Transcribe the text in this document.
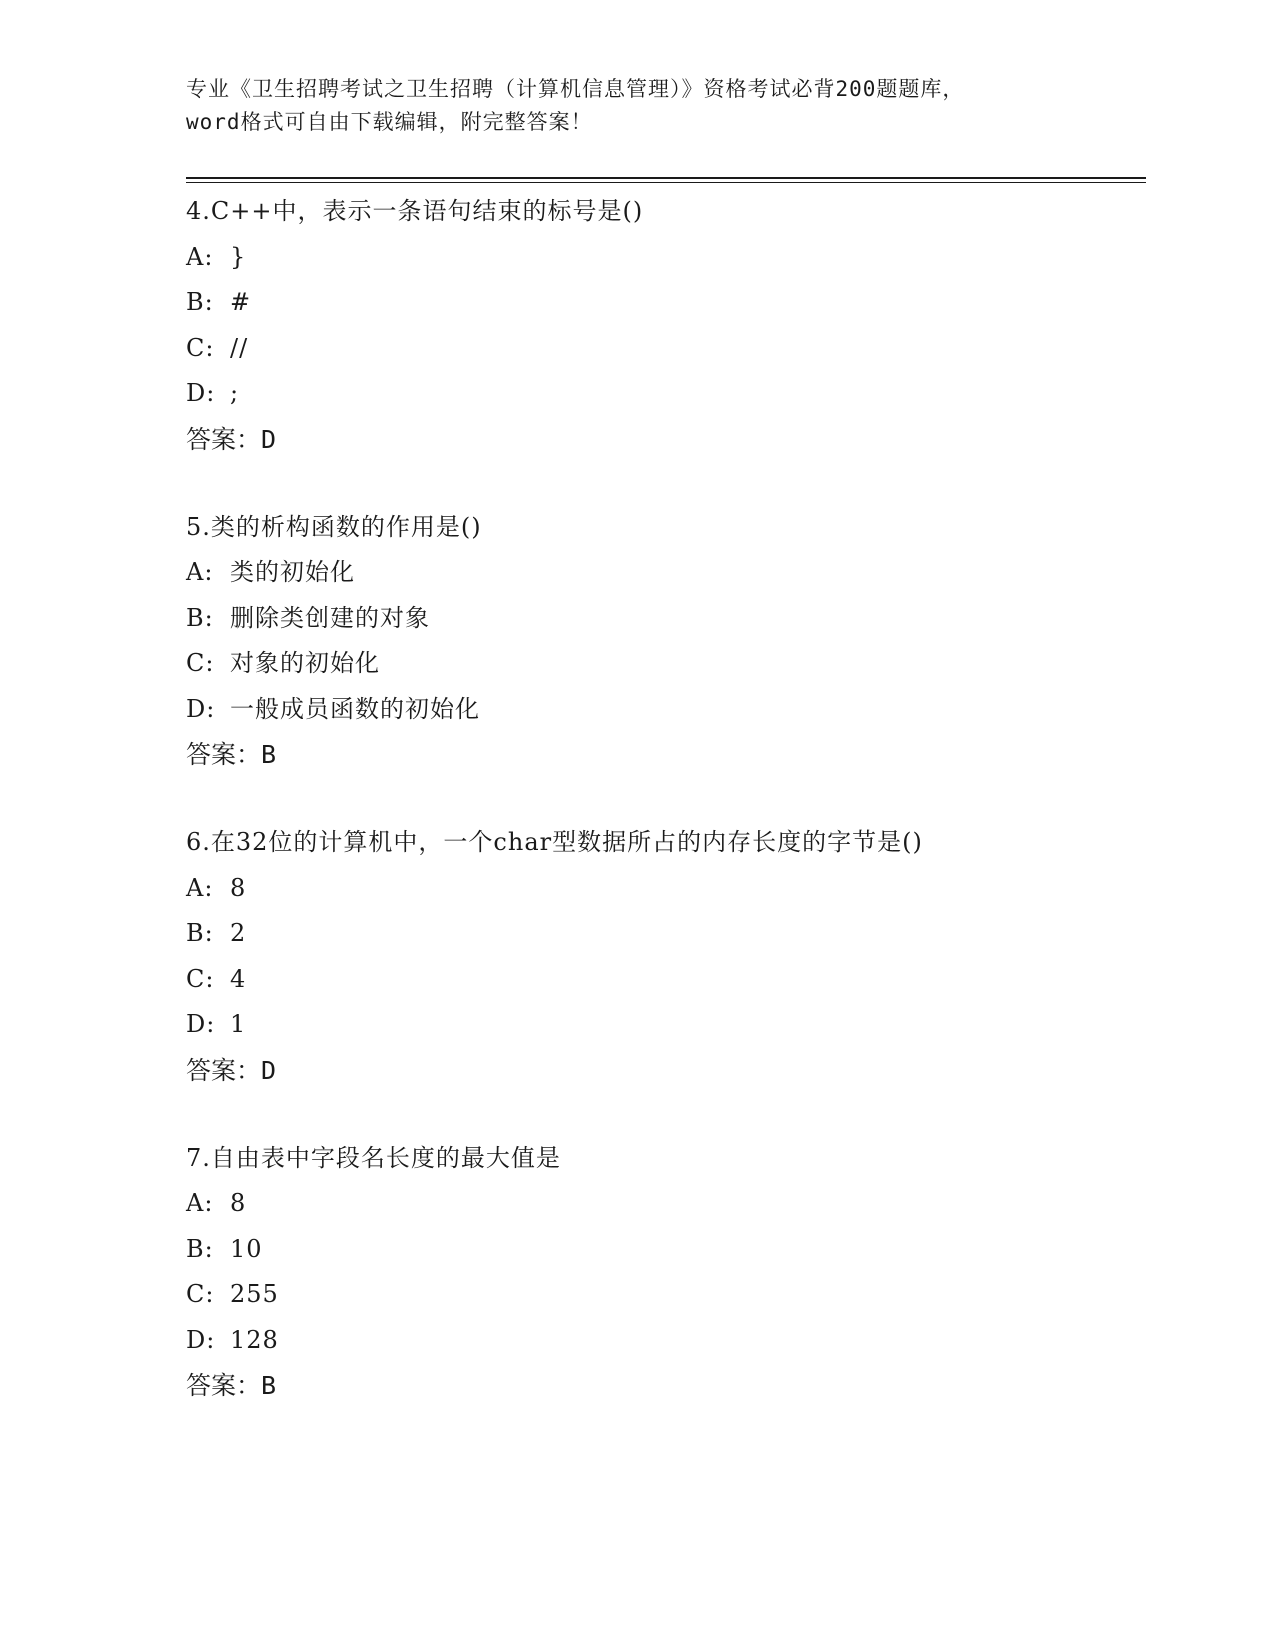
专业《卫生招聘考试之卫生招聘（计算机信息管理）》资格考试必背200题题库，
word格式可自由下载编辑，附完整答案！
4.C++中，表示一条语句结束的标号是()
A: }
B: #
C: //
D: ;
答案：D
5.类的析构函数的作用是()
A: 类的初始化
B: 删除类创建的对象
C: 对象的初始化
D: 一般成员函数的初始化
答案：B
6.在32位的计算机中，一个char型数据所占的内存长度的字节是()
A: 8
B: 2
C: 4
D: 1
答案：D
7.自由表中字段名长度的最大值是
A: 8
B: 10
C: 255
D: 128
答案：B
